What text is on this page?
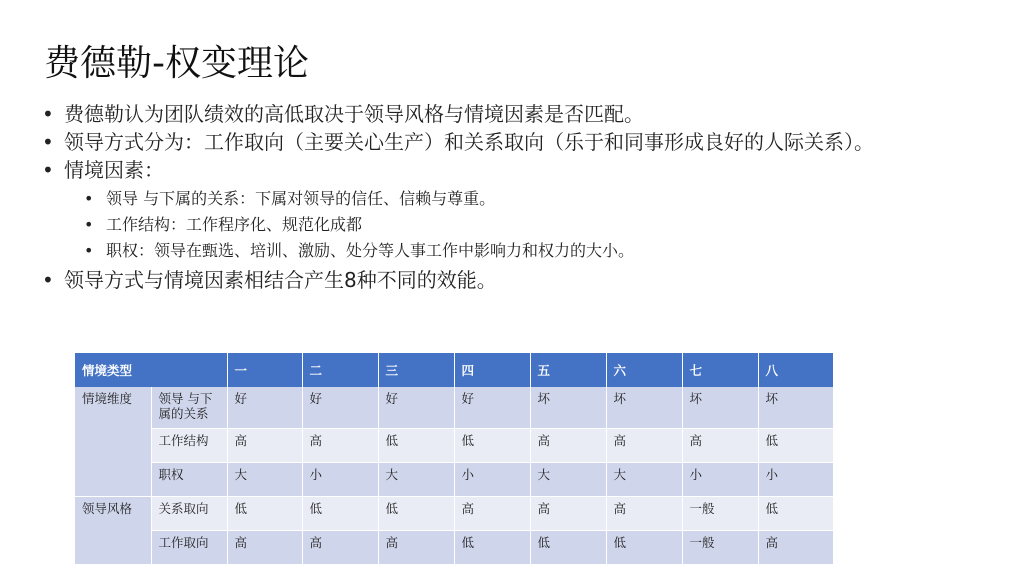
费德勒-权变理论
• 费德勒认为团队绩效的高低取决于领导风格与情境因素是否匹配。
• 领导方式分为：工作取向（主要关心生产）和关系取向（乐于和同事形成良好的人际关系）。
• 情境因素：
• 领导 与下属的关系：下属对领导的信任、信赖与尊重。
• 工作结构：工作程序化、规范化成都
• 职权：领导在甄选、培训、激励、处分等人事工作中影响力和权力的大小。
• 领导方式与情境因素相结合产生8种不同的效能。
情境类型		一	二	三	四	五	六	七	八
情境维度	领导 与下属的关系	好	好	好	好	坏	坏	坏	坏
	工作结构	高	高	低	低	高	高	高	低
	职权	大	小	大	小	大	大	小	小
领导风格	关系取向	低	低	低	高	高	高	一般	低
	工作取向	高	高	高	低	低	低	一般	高
